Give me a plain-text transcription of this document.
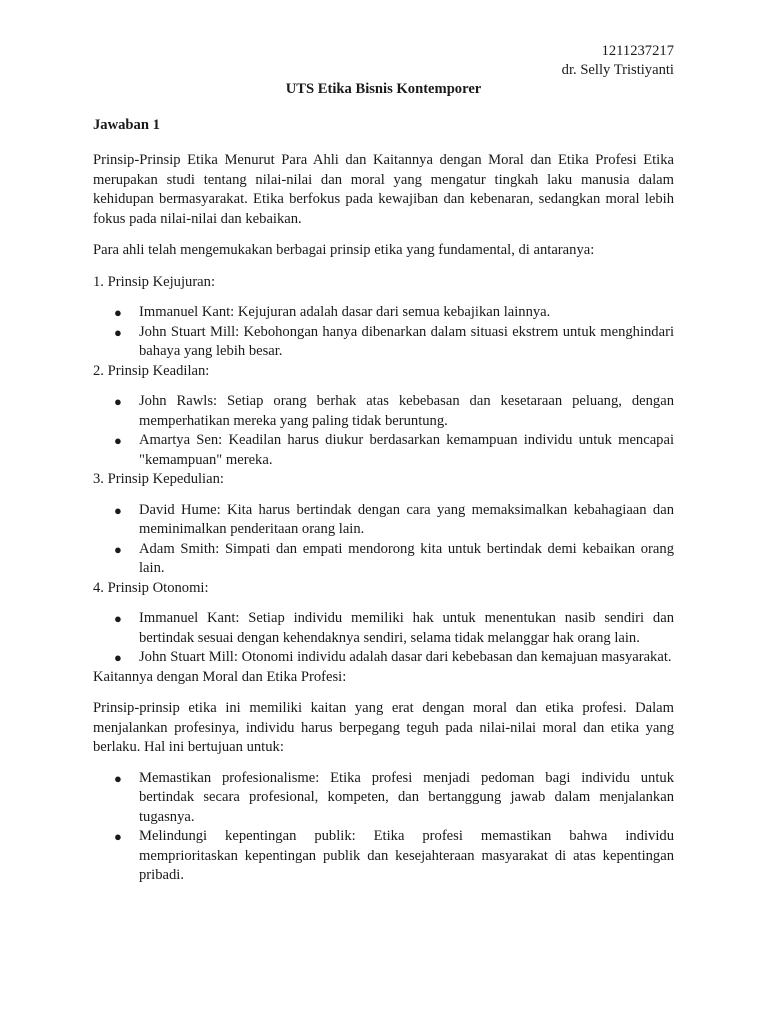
1211237217
dr. Selly Tristiyanti
UTS Etika Bisnis Kontemporer
Jawaban 1

Prinsip-Prinsip Etika Menurut Para Ahli dan Kaitannya dengan Moral dan Etika Profesi Etika merupakan studi tentang nilai-nilai dan moral yang mengatur tingkah laku manusia dalam kehidupan bermasyarakat. Etika berfokus pada kewajiban dan kebenaran, sedangkan moral lebih fokus pada nilai-nilai dan kebaikan.

Para ahli telah mengemukakan berbagai prinsip etika yang fundamental, di antaranya:

1. Prinsip Kejujuran:
● Immanuel Kant: Kejujuran adalah dasar dari semua kebajikan lainnya.
● John Stuart Mill: Kebohongan hanya dibenarkan dalam situasi ekstrem untuk menghindari bahaya yang lebih besar.
2. Prinsip Keadilan:
● John Rawls: Setiap orang berhak atas kebebasan dan kesetaraan peluang, dengan memperhatikan mereka yang paling tidak beruntung.
● Amartya Sen: Keadilan harus diukur berdasarkan kemampuan individu untuk mencapai "kemampuan" mereka.
3. Prinsip Kepedulian:
● David Hume: Kita harus bertindak dengan cara yang memaksimalkan kebahagiaan dan meminimalkan penderitaan orang lain.
● Adam Smith: Simpati dan empati mendorong kita untuk bertindak demi kebaikan orang lain.
4. Prinsip Otonomi:
● Immanuel Kant: Setiap individu memiliki hak untuk menentukan nasib sendiri dan bertindak sesuai dengan kehendaknya sendiri, selama tidak melanggar hak orang lain.
● John Stuart Mill: Otonomi individu adalah dasar dari kebebasan dan kemajuan masyarakat.
Kaitannya dengan Moral dan Etika Profesi:

Prinsip-prinsip etika ini memiliki kaitan yang erat dengan moral dan etika profesi. Dalam menjalankan profesinya, individu harus berpegang teguh pada nilai-nilai moral dan etika yang berlaku. Hal ini bertujuan untuk:

● Memastikan profesionalisme: Etika profesi menjadi pedoman bagi individu untuk bertindak secara profesional, kompeten, dan bertanggung jawab dalam menjalankan tugasnya.
● Melindungi kepentingan publik: Etika profesi memastikan bahwa individu memprioritaskan kepentingan publik dan kesejahteraan masyarakat di atas kepentingan pribadi.
